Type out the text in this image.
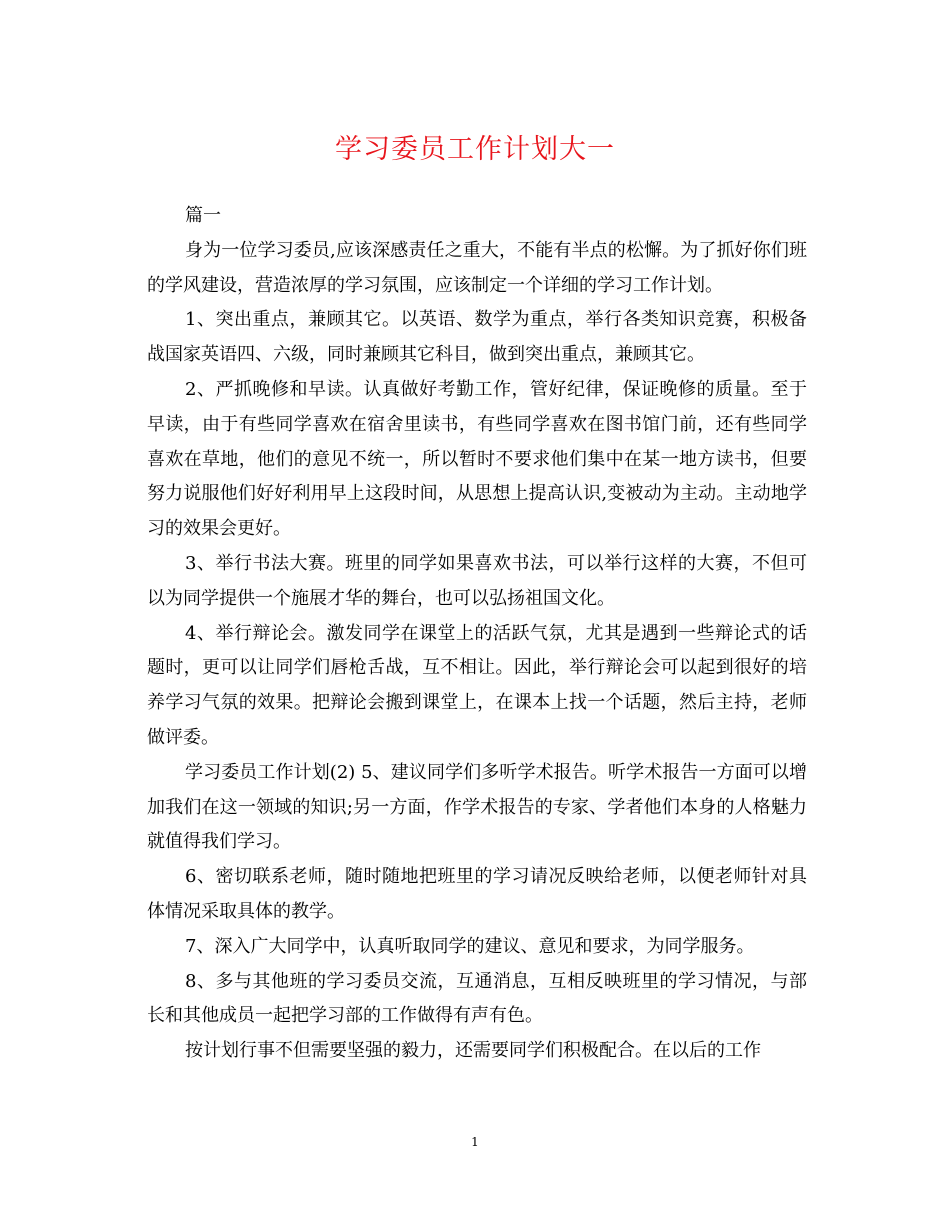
学习委员工作计划大一

篇一

身为一位学习委员,应该深感责任之重大，不能有半点的松懈。为了抓好你们班的学风建设，营造浓厚的学习氛围，应该制定一个详细的学习工作计划。

1、突出重点，兼顾其它。以英语、数学为重点，举行各类知识竞赛，积极备战国家英语四、六级，同时兼顾其它科目，做到突出重点，兼顾其它。

2、严抓晚修和早读。认真做好考勤工作，管好纪律，保证晚修的质量。至于早读，由于有些同学喜欢在宿舍里读书，有些同学喜欢在图书馆门前，还有些同学喜欢在草地，他们的意见不统一，所以暂时不要求他们集中在某一地方读书，但要努力说服他们好好利用早上这段时间，从思想上提高认识,变被动为主动。主动地学习的效果会更好。

3、举行书法大赛。班里的同学如果喜欢书法，可以举行这样的大赛，不但可以为同学提供一个施展才华的舞台，也可以弘扬祖国文化。

4、举行辩论会。激发同学在课堂上的活跃气氛，尤其是遇到一些辩论式的话题时，更可以让同学们唇枪舌战，互不相让。因此，举行辩论会可以起到很好的培养学习气氛的效果。把辩论会搬到课堂上，在课本上找一个话题，然后主持，老师做评委。

学习委员工作计划(2) 5、建议同学们多听学术报告。听学术报告一方面可以增加我们在这一领域的知识;另一方面，作学术报告的专家、学者他们本身的人格魅力就值得我们学习。

6、密切联系老师，随时随地把班里的学习请况反映给老师，以便老师针对具体情况采取具体的教学。

7、深入广大同学中，认真听取同学的建议、意见和要求，为同学服务。

8、多与其他班的学习委员交流，互通消息，互相反映班里的学习情况，与部长和其他成员一起把学习部的工作做得有声有色。

按计划行事不但需要坚强的毅力，还需要同学们积极配合。在以后的工作

1
